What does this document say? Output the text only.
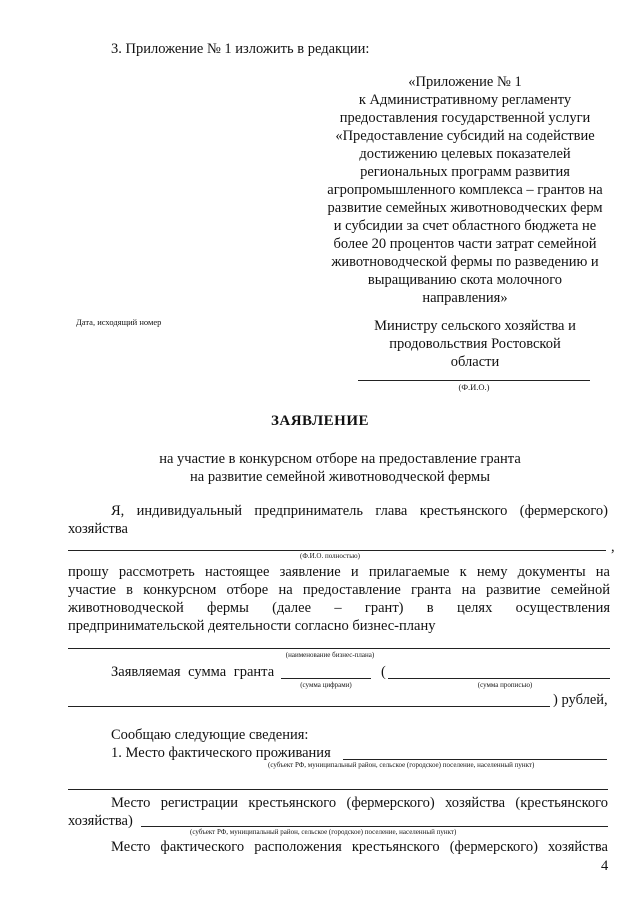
3. Приложение № 1 изложить в редакции:
«Приложение № 1
к Административному регламенту
предоставления государственной услуги
«Предоставление субсидий на содействие
достижению целевых показателей
региональных программ развития
агропромышленного комплекса – грантов на
развитие семейных животноводческих ферм
и субсидии за счет областного бюджета не
более 20 процентов части затрат семейной
животноводческой фермы по разведению и
выращиванию скота молочного
направления»
Дата, исходящий номер	Министру сельского хозяйства и
продовольствия Ростовской
области
(Ф.И.О.)
ЗАЯВЛЕНИЕ
на участие в конкурсном отборе на предоставление гранта
на развитие семейной животноводческой фермы
Я, индивидуальный предприниматель глава крестьянского (фермерского)
хозяйства
,
(Ф.И.О. полностью)
прошу рассмотреть настоящее заявление и прилагаемые к нему документы на
участие в конкурсном отборе на предоставление гранта на развитие семейной
животноводческой фермы (далее – грант) в целях осуществления
предпринимательской деятельности согласно бизнес-плану
(наименование бизнес-плана)
Заявляемая сумма гранта	(
(сумма цифрами)	(сумма прописью)
) рублей,
Сообщаю следующие сведения:
1. Место фактического проживания
(субъект РФ, муниципальный район, сельское (городское) поселение, населенный пункт)
Место регистрации крестьянского (фермерского) хозяйства (крестьянского
хозяйства)
(субъект РФ, муниципальный район, сельское (городское) поселение, населенный пункт)
Место фактического расположения крестьянского (фермерского) хозяйства
4
